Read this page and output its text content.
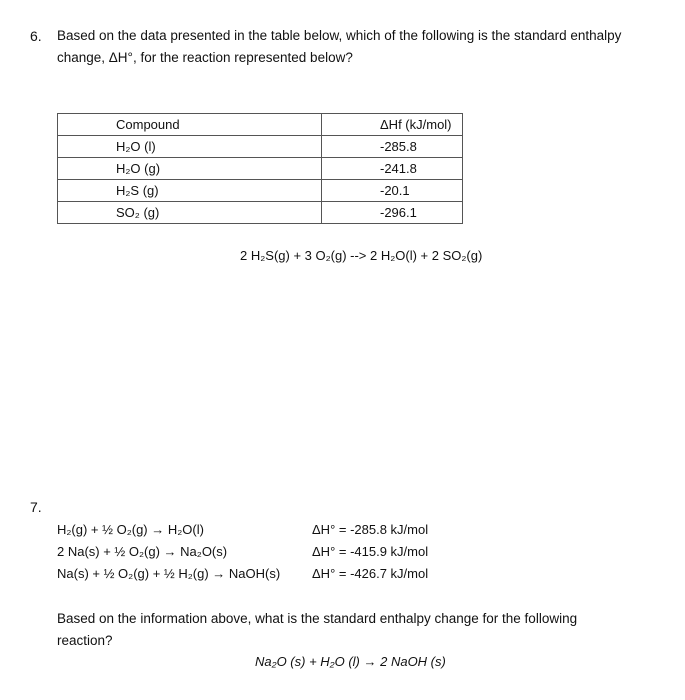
6. Based on the data presented in the table below, which of the following is the standard enthalpy
change, ΔH°, for the reaction represented below?
Compound	ΔHf (kJ/mol)
H₂O (l)	-285.8
H₂O (g)	-241.8
H₂S (g)	-20.1
SO₂ (g)	-296.1
2 H₂S(g) + 3 O₂(g) --> 2 H₂O(l) + 2 SO₂(g)
7.
H₂(g) + ½ O₂(g) → H₂O(l)	ΔH° = -285.8 kJ/mol
2 Na(s) + ½ O₂(g) → Na₂O(s)	ΔH° = -415.9 kJ/mol
Na(s) + ½ O₂(g) + ½ H₂(g) → NaOH(s) ΔH° = -426.7 kJ/mol
Based on the information above, what is the standard enthalpy change for the following
reaction?
Na₂O (s) + H₂O (l) → 2 NaOH (s)
